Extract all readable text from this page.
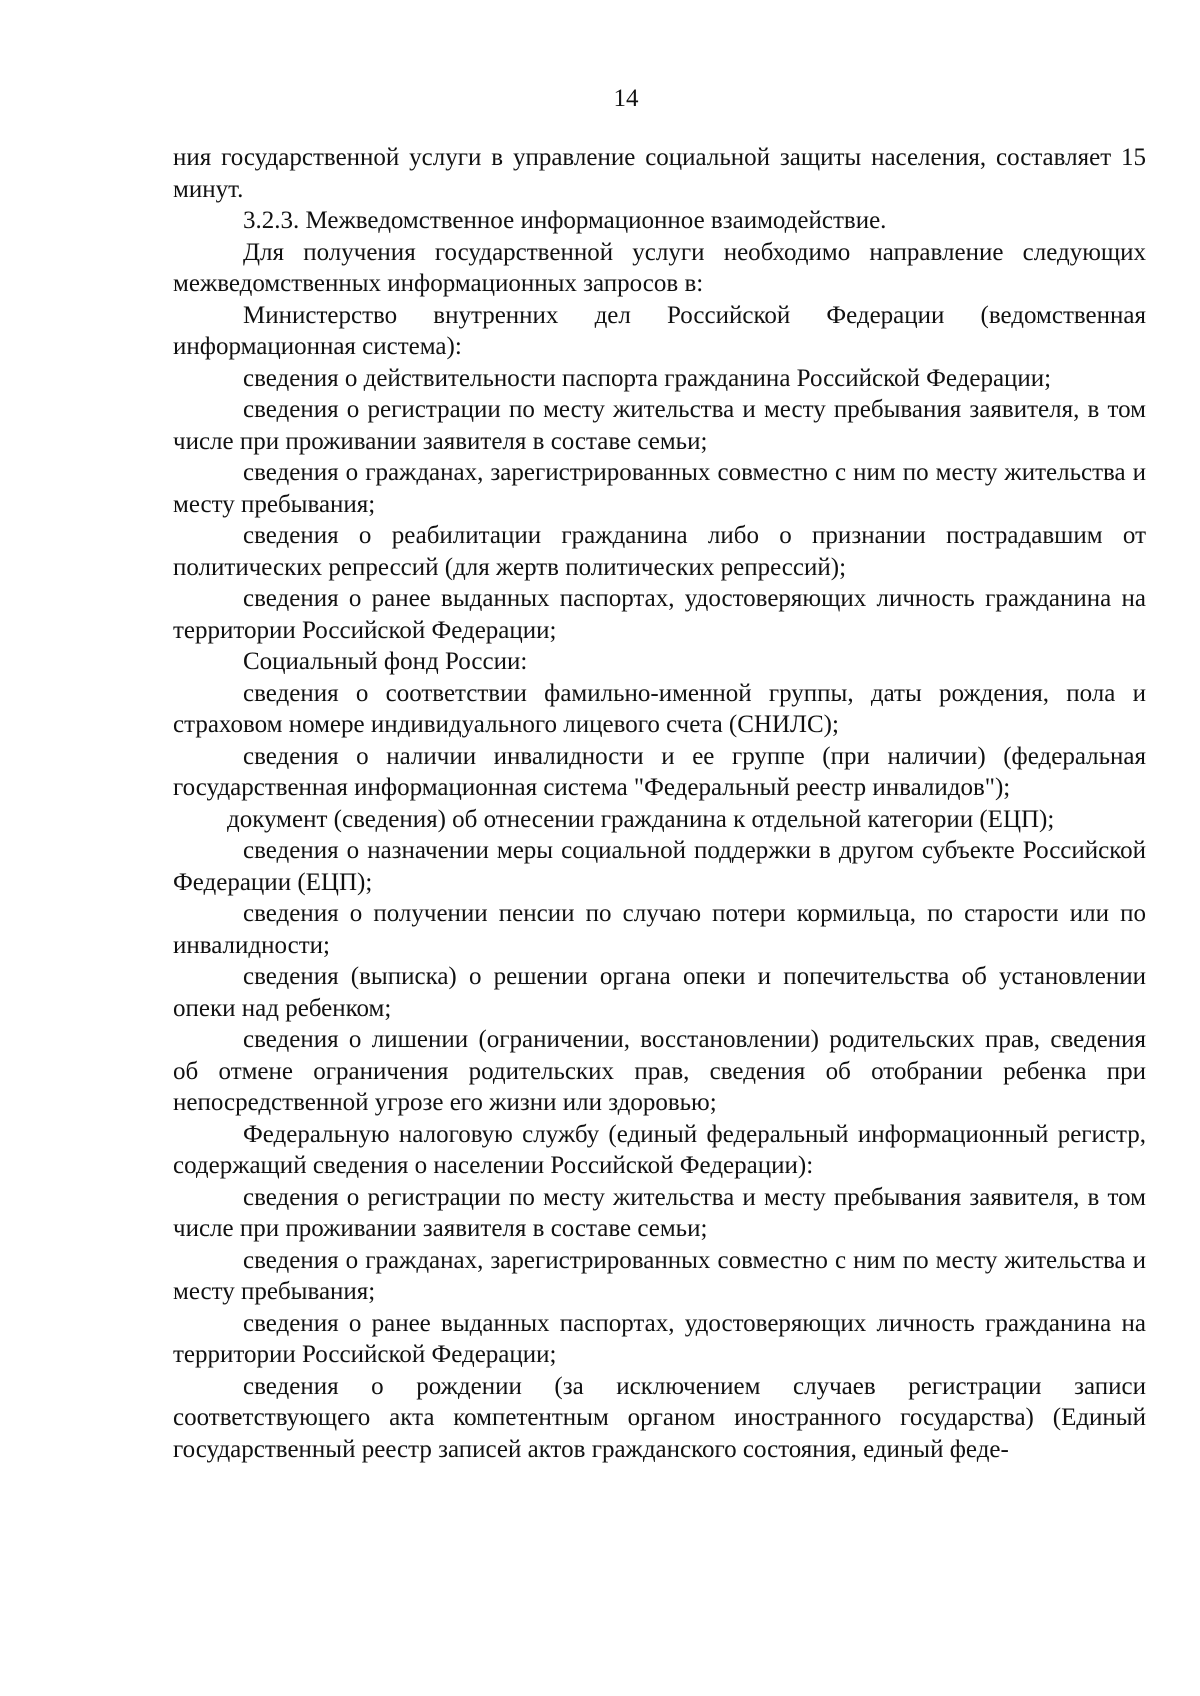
14

ния государственной услуги в управление социальной защиты населения, составляет 15 минут.

3.2.3. Межведомственное информационное взаимодействие.

Для получения государственной услуги необходимо направление следующих межведомственных информационных запросов в:

Министерство внутренних дел Российской Федерации (ведомственная информационная система):

сведения о действительности паспорта гражданина Российской Федерации;

сведения о регистрации по месту жительства и месту пребывания заявителя, в том числе при проживании заявителя в составе семьи;

сведения о гражданах, зарегистрированных совместно с ним по месту жительства и месту пребывания;

сведения о реабилитации гражданина либо о признании пострадавшим от политических репрессий (для жертв политических репрессий);

сведения о ранее выданных паспортах, удостоверяющих личность гражданина на территории Российской Федерации;

Социальный фонд России:

сведения о соответствии фамильно-именной группы, даты рождения, пола и страховом номере индивидуального лицевого счета (СНИЛС);

сведения о наличии инвалидности и ее группе (при наличии) (федеральная государственная информационная система "Федеральный реестр инвалидов");

документ (сведения) об отнесении гражданина к отдельной категории (ЕЦП);

сведения о назначении меры социальной поддержки в другом субъекте Российской Федерации (ЕЦП);

сведения о получении пенсии по случаю потери кормильца, по старости или по инвалидности;

сведения (выписка) о решении органа опеки и попечительства об установлении опеки над ребенком;

сведения о лишении (ограничении, восстановлении) родительских прав, сведения об отмене ограничения родительских прав, сведения об отобрании ребенка при непосредственной угрозе его жизни или здоровью;

Федеральную налоговую службу (единый федеральный информационный регистр, содержащий сведения о населении Российской Федерации):

сведения о регистрации по месту жительства и месту пребывания заявителя, в том числе при проживании заявителя в составе семьи;

сведения о гражданах, зарегистрированных совместно с ним по месту жительства и месту пребывания;

сведения о ранее выданных паспортах, удостоверяющих личность гражданина на территории Российской Федерации;

сведения о рождении (за исключением случаев регистрации записи соответствующего акта компетентным органом иностранного государства) (Единый государственный реестр записей актов гражданского состояния, единый феде-
